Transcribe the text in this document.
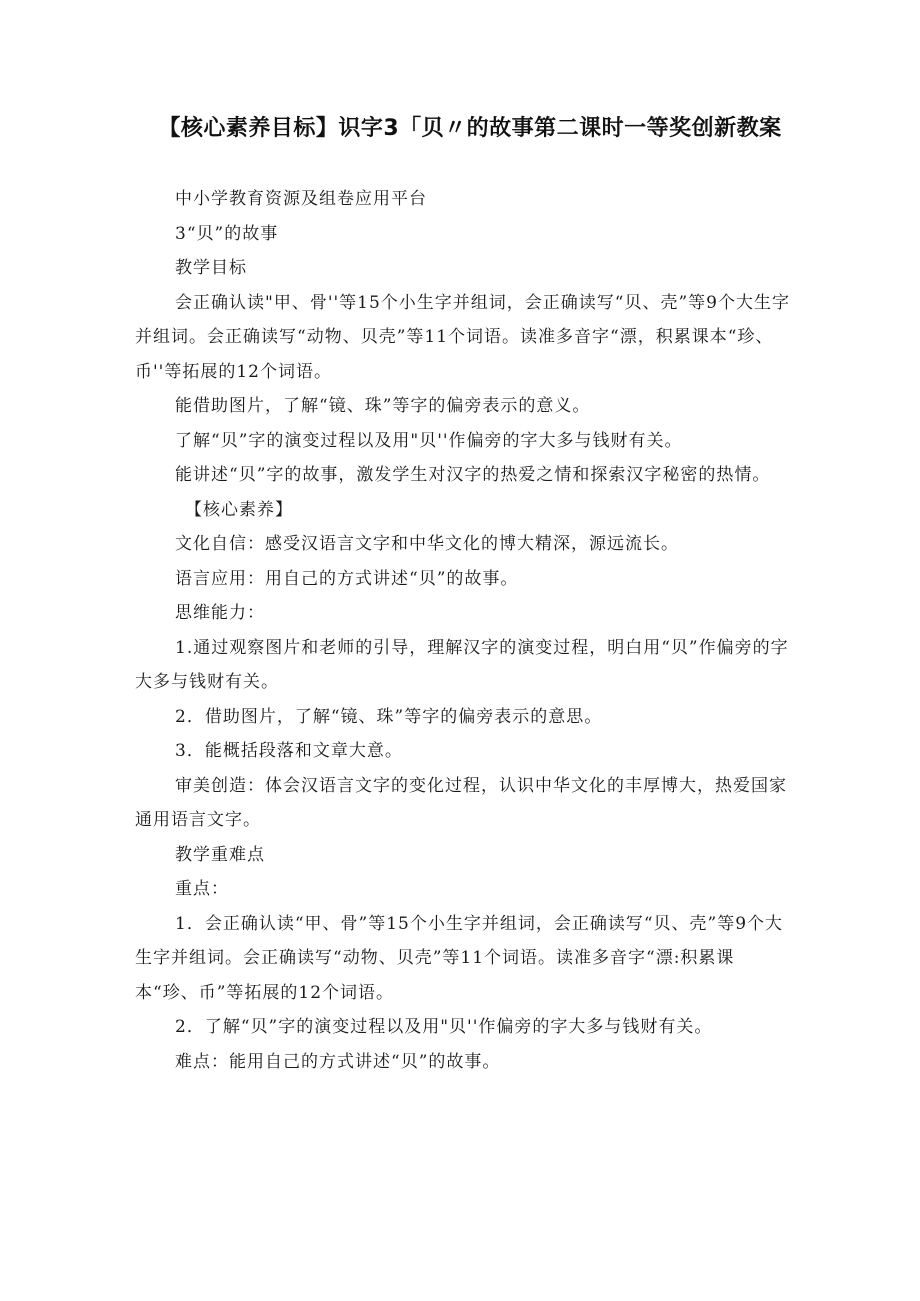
【核心素养目标】识字3「贝〃的故事第二课时一等奖创新教案

中小学教育资源及组卷应用平台

3“贝”的故事

教学目标

会正确认读"甲、骨''等15个小生字并组词，会正确读写“贝、壳”等9个大生字并组词。会正确读写“动物、贝壳”等11个词语。读准多音字“漂，积累课本“珍、币''等拓展的12个词语。

能借助图片，了解“镜、珠”等字的偏旁表示的意义。

了解“贝”字的演变过程以及用"贝''作偏旁的字大多与钱财有关。

能讲述“贝”字的故事，激发学生对汉字的热爱之情和探索汉字秘密的热情。

【核心素养】

文化自信：感受汉语言文字和中华文化的博大精深，源远流长。

语言应用：用自己的方式讲述“贝”的故事。

思维能力：

1.通过观察图片和老师的引导，理解汉字的演变过程，明白用“贝”作偏旁的字大多与钱财有关。

2．借助图片，了解“镜、珠”等字的偏旁表示的意思。

3．能概括段落和文章大意。

审美创造：体会汉语言文字的变化过程，认识中华文化的丰厚博大，热爱国家通用语言文字。

教学重难点

重点：

1．会正确认读“甲、骨”等15个小生字并组词，会正确读写“贝、壳”等9个大生字并组词。会正确读写“动物、贝壳”等11个词语。读准多音字“漂:积累课本“珍、币”等拓展的12个词语。

2．了解“贝”字的演变过程以及用"贝''作偏旁的字大多与钱财有关。

难点：能用自己的方式讲述“贝”的故事。
